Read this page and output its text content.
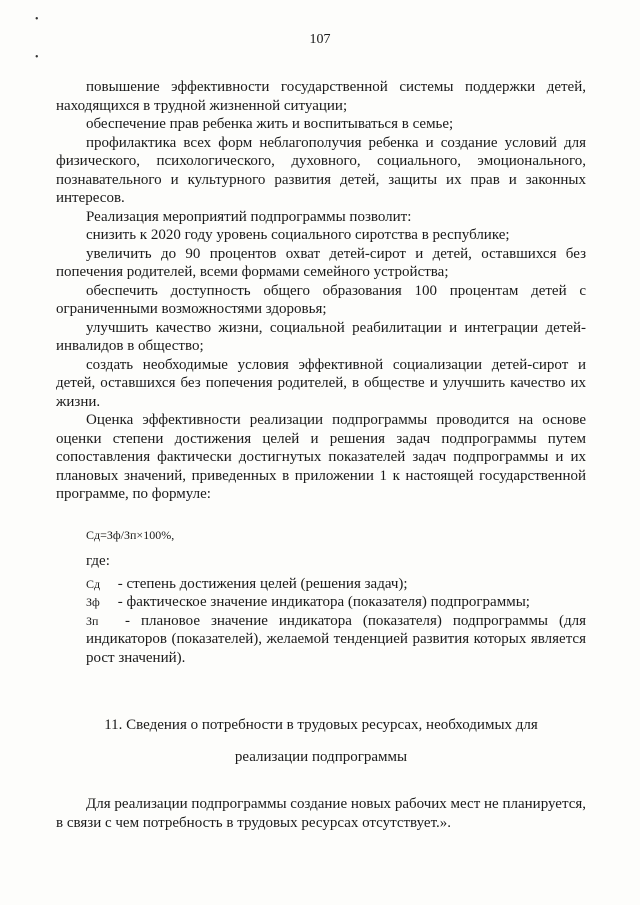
107
•
•

повышение эффективности государственной системы поддержки детей, находящихся в трудной жизненной ситуации;

обеспечение прав ребенка жить и воспитываться в семье;

профилактика всех форм неблагополучия ребенка и создание условий для физического, психологического, духовного, социального, эмоционального, познавательного и культурного развития детей, защиты их прав и законных интересов.

Реализация мероприятий подпрограммы позволит:

снизить к 2020 году уровень социального сиротства в республике;

увеличить до 90 процентов охват детей-сирот и детей, оставшихся без попечения родителей, всеми формами семейного устройства;

обеспечить доступность общего образования 100 процентам детей с ограниченными возможностями здоровья;

улучшить качество жизни, социальной реабилитации и интеграции детей-инвалидов в общество;

создать необходимые условия эффективной социализации детей-сирот и детей, оставшихся без попечения родителей, в обществе и улучшить качество их жизни.

Оценка эффективности реализации подпрограммы проводится на основе оценки степени достижения целей и решения задач подпрограммы путем сопоставления фактически достигнутых показателей задач подпрограммы и их плановых значений, приведенных в приложении 1 к настоящей государственной программе, по формуле:

Сд=Зф/Зп×100%,
где:

Сд - степень достижения целей (решения задач);

Зф - фактическое значение индикатора (показателя) подпрограммы;

Зп - плановое значение индикатора (показателя) подпрограммы (для индикаторов (показателей), желаемой тенденцией развития которых является рост значений).

11. Сведения о потребности в трудовых ресурсах, необходимых для
реализации подпрограммы

Для реализации подпрограммы создание новых рабочих мест не планируется, в связи с чем потребность в трудовых ресурсах отсутствует.».
